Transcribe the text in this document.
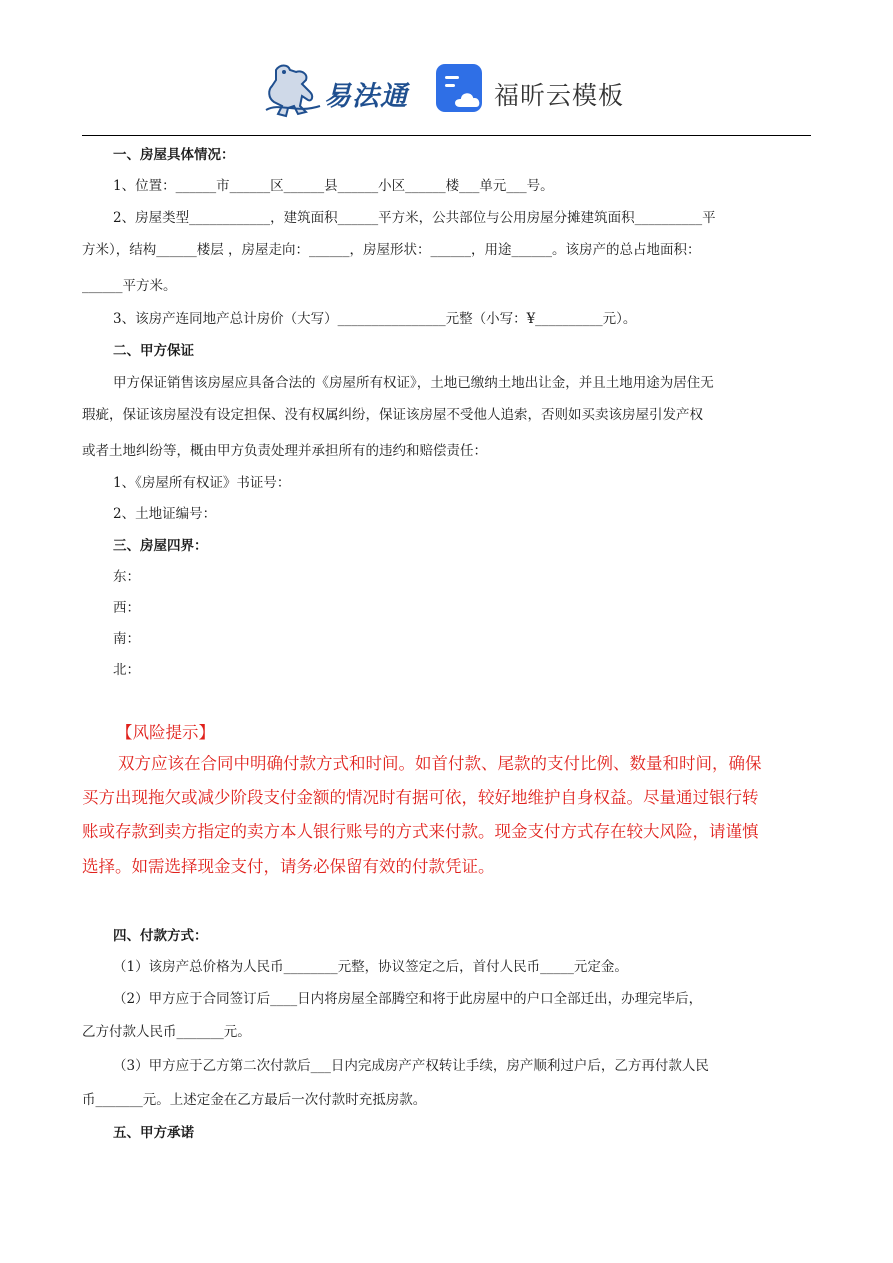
易法通	福昕云模板
一、房屋具体情况：
1、位置：______市______区______县______小区______楼___单元___号。
2、房屋类型____________，建筑面积______平方米，公共部位与公用房屋分摊建筑面积__________平
方米），结构______楼层 ，房屋走向：______，房屋形状：______，用途______。该房产的总占地面积：
______平方米。
3、该房产连同地产总计房价（大写）________________元整（小写：¥__________元）。
二、甲方保证
甲方保证销售该房屋应具备合法的《房屋所有权证》，土地已缴纳土地出让金，并且土地用途为居住无
瑕疵，保证该房屋没有设定担保、没有权属纠纷，保证该房屋不受他人追索，否则如买卖该房屋引发产权
或者土地纠纷等，概由甲方负责处理并承担所有的违约和赔偿责任：
1、《房屋所有权证》书证号：
2、土地证编号：
三、房屋四界：
东：
西：
南：
北：
【风险提示】
双方应该在合同中明确付款方式和时间。如首付款、尾款的支付比例、数量和时间，确保
买方出现拖欠或减少阶段支付金额的情况时有据可依，较好地维护自身权益。尽量通过银行转
账或存款到卖方指定的卖方本人银行账号的方式来付款。现金支付方式存在较大风险，请谨慎
选择。如需选择现金支付，请务必保留有效的付款凭证。
四、付款方式：
（1）该房产总价格为人民币________元整，协议签定之后，首付人民币_____元定金。
（2）甲方应于合同签订后____日内将房屋全部腾空和将于此房屋中的户口全部迁出，办理完毕后，
乙方付款人民币_______元。
（3）甲方应于乙方第二次付款后___日内完成房产产权转让手续，房产顺利过户后，乙方再付款人民
币_______元。上述定金在乙方最后一次付款时充抵房款。
五、甲方承诺
